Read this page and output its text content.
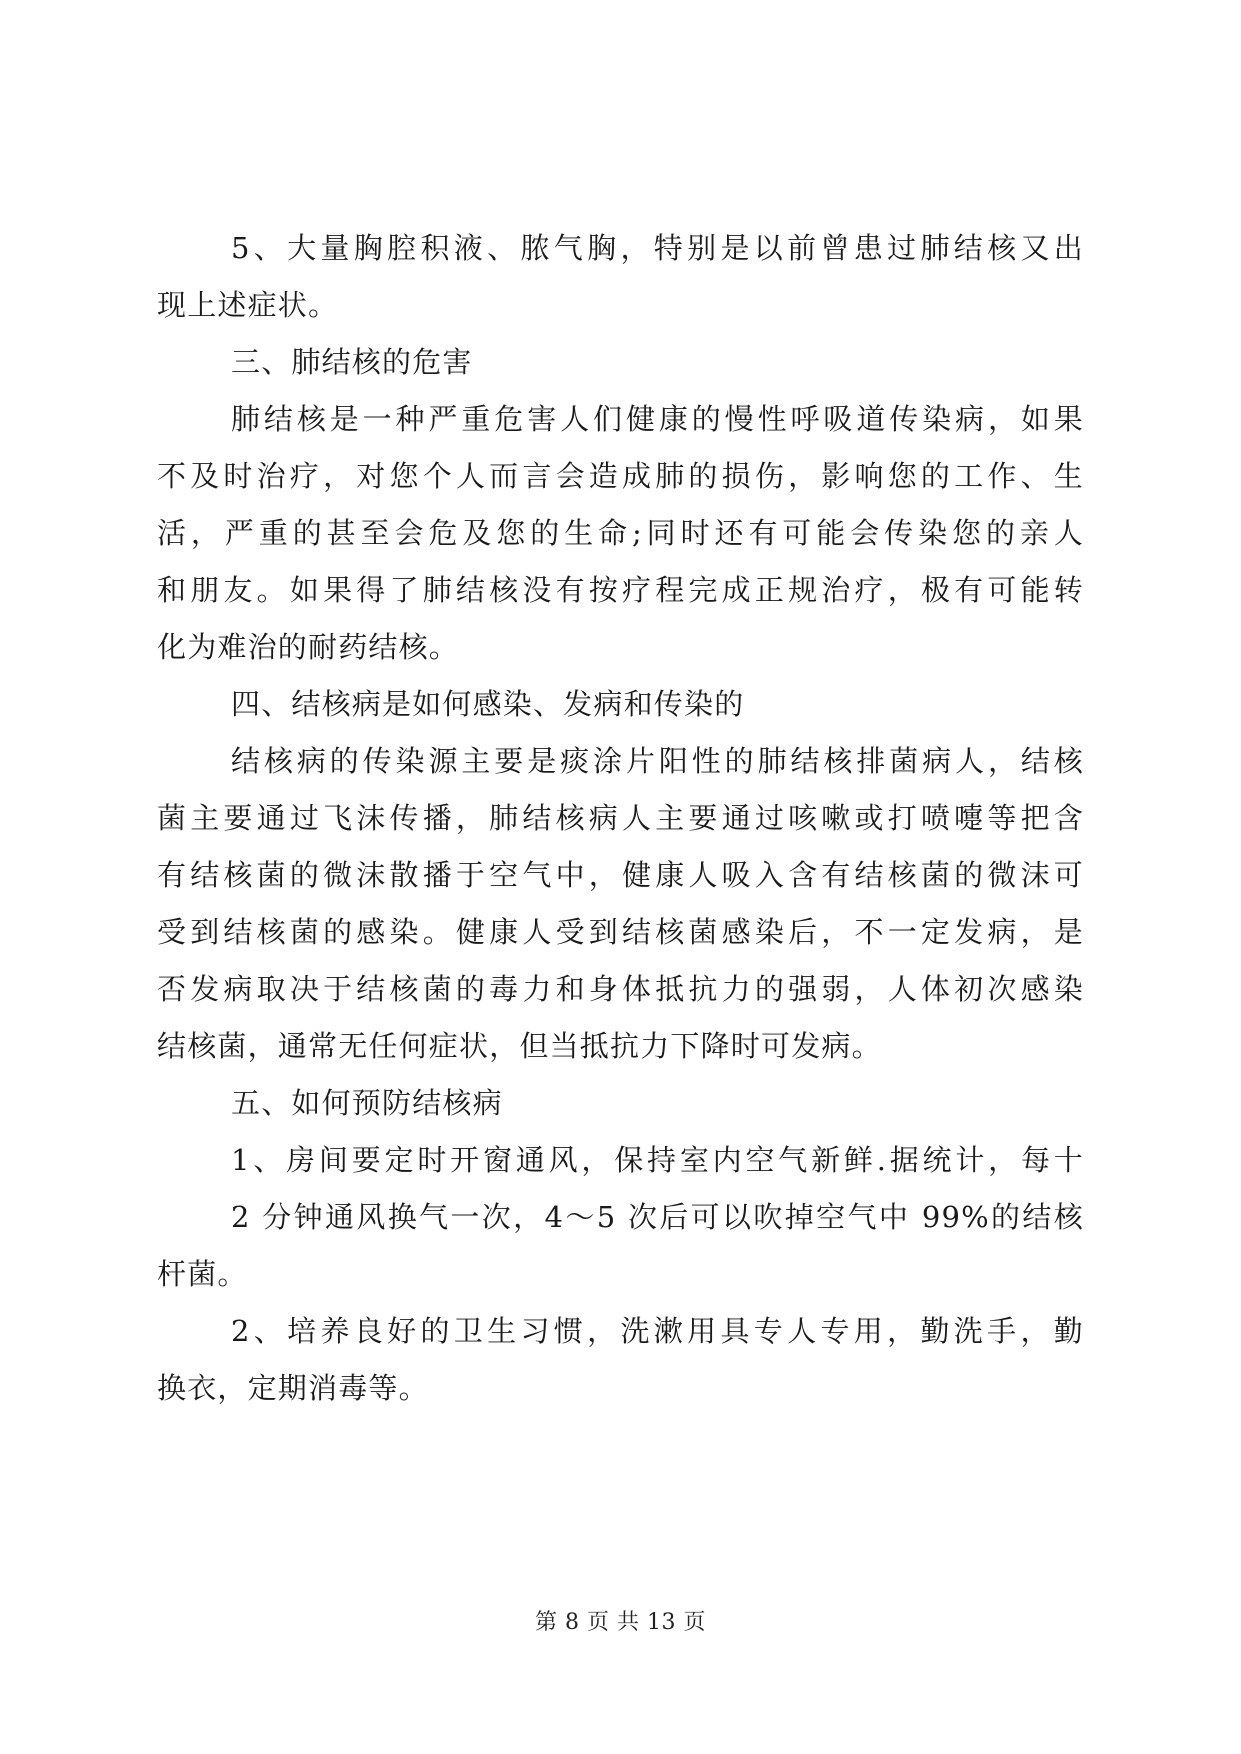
5、大量胸腔积液、脓气胸，特别是以前曾患过肺结核又出
现上述症状。
三、肺结核的危害
肺结核是一种严重危害人们健康的慢性呼吸道传染病，如果
不及时治疗，对您个人而言会造成肺的损伤，影响您的工作、生
活，严重的甚至会危及您的生命;同时还有可能会传染您的亲人
和朋友。如果得了肺结核没有按疗程完成正规治疗，极有可能转
化为难治的耐药结核。
四、结核病是如何感染、发病和传染的
结核病的传染源主要是痰涂片阳性的肺结核排菌病人，结核
菌主要通过飞沫传播，肺结核病人主要通过咳嗽或打喷嚏等把含
有结核菌的微沫散播于空气中，健康人吸入含有结核菌的微沫可
受到结核菌的感染。健康人受到结核菌感染后，不一定发病，是
否发病取决于结核菌的毒力和身体抵抗力的强弱，人体初次感染
结核菌，通常无任何症状，但当抵抗力下降时可发病。
五、如何预防结核病
1、房间要定时开窗通风，保持室内空气新鲜.据统计，每十
2 分钟通风换气一次，4～5 次后可以吹掉空气中 99%的结核
杆菌。
2、培养良好的卫生习惯，洗漱用具专人专用，勤洗手，勤
换衣，定期消毒等。
第 8 页 共 13 页
